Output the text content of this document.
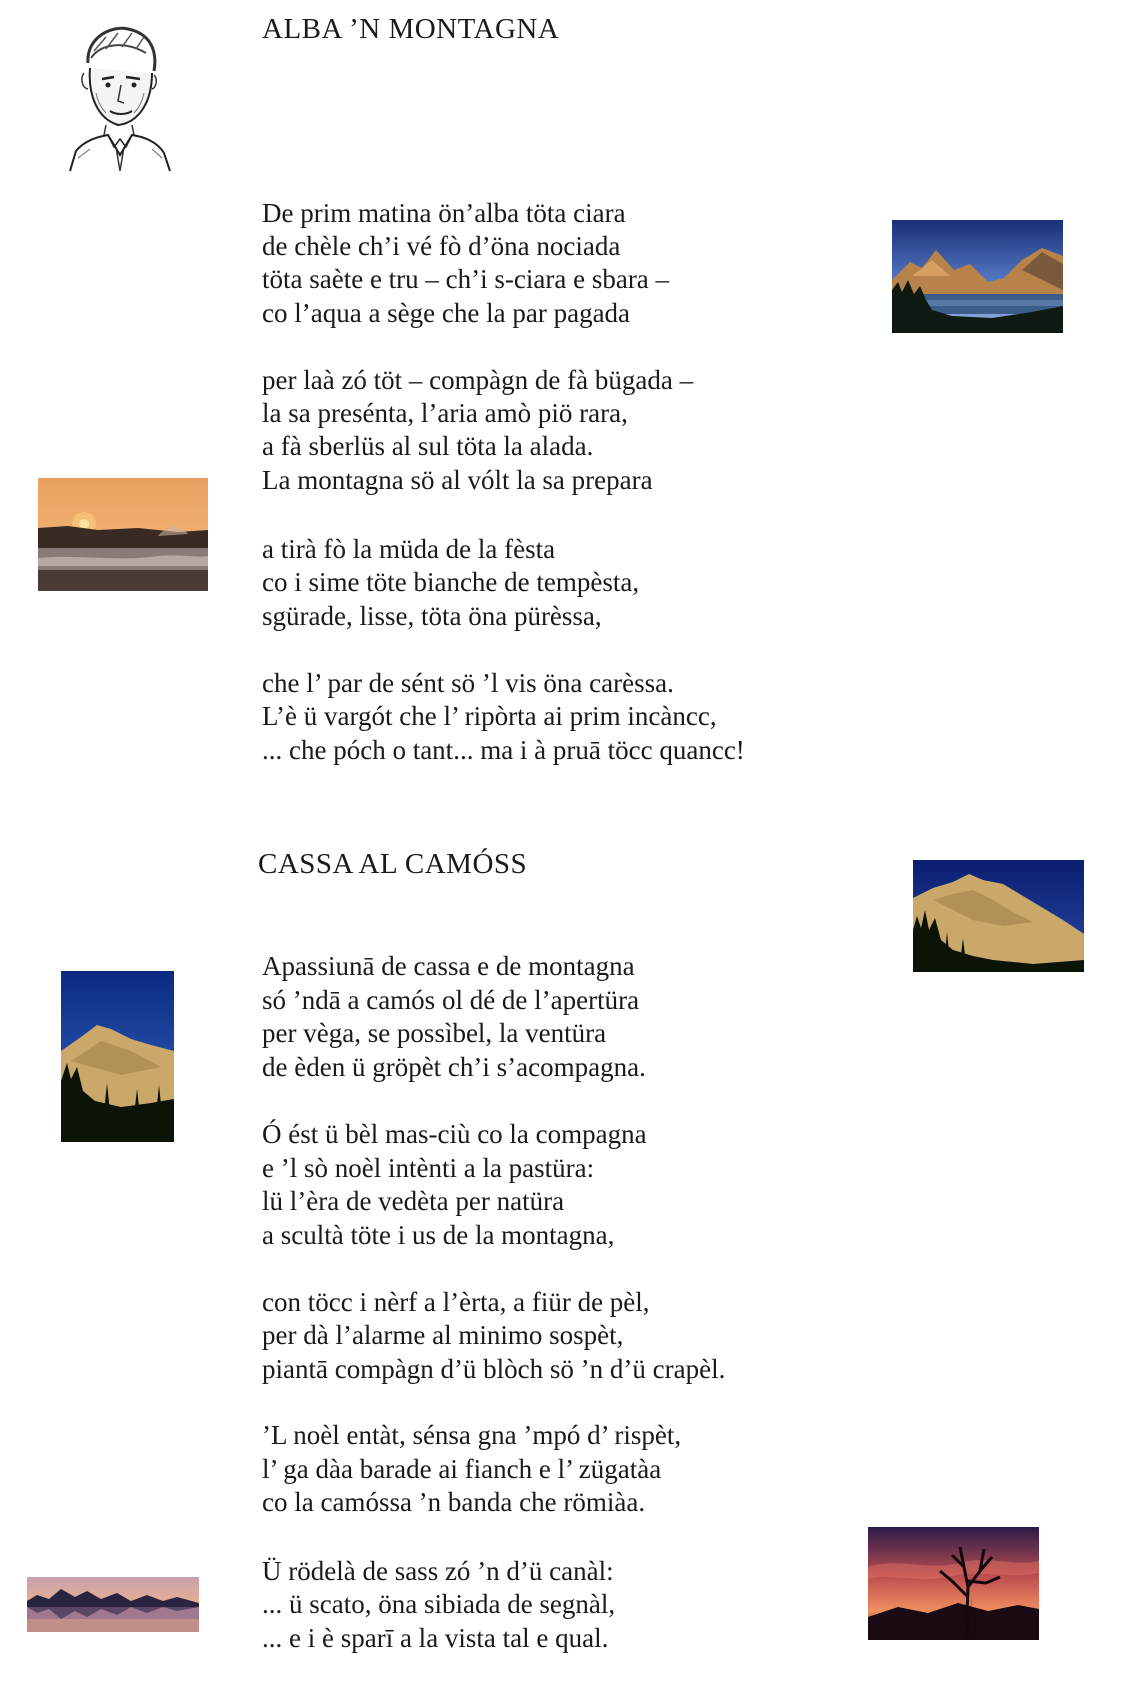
ALBA ’N MONTAGNA
De prim matina ön’alba töta ciara
de chèle ch’i vé fò d’öna nociada
töta saète e tru – ch’i s-ciara e sbara –
co l’aqua a sège che la par pagada
per laà zó töt – compàgn de fà bügada –
la sa preséntа, l’aria amò piö rara,
a fà sberlüs al sul töta la alada.
La montagna sö al vólt la sa prepara
a tirà fò la müda de la fèsta
co i sime töte bianche de tempèsta,
sgürade, lisse, töta öna pürèssa,
che l’ par de sént sö ’l vis öna carèssa.
L’è ü vargót che l’ ripòrta ai prim incàncc,
... che póch o tant... ma i à pruā töcc quancc!
CASSA AL CAMÓSS
Apassiunā de cassa e de montagna
só ’ndā a camós ol dé de l’apertüra
per vèga, se possìbel, la ventüra
de èden ü gröpèt ch’i s’acompagna.
Ó ést ü bèl mas-ciù co la compagna
e ’l sò noèl intènti a la pastüra:
lü l’èra de vedèta per natüra
a scultà töte i us de la montagna,
con töcc i nèrf a l’èrta, a fiür de pèl,
per dà l’alarme al minimo sospèt,
piantā compàgn d’ü blòch sö ’n d’ü crapèl.
’L noèl entàt, sénsa gna ’mpó d’ rispèt,
l’ ga dàa barade ai fianch e l’ zügatàa
co la camóssa ’n banda che römiàa.
Ü rödelà de sass zó ’n d’ü canàl:
... ü scato, öna sibiada de segnàl,
... e i è sparī a la vista tal e qual.
